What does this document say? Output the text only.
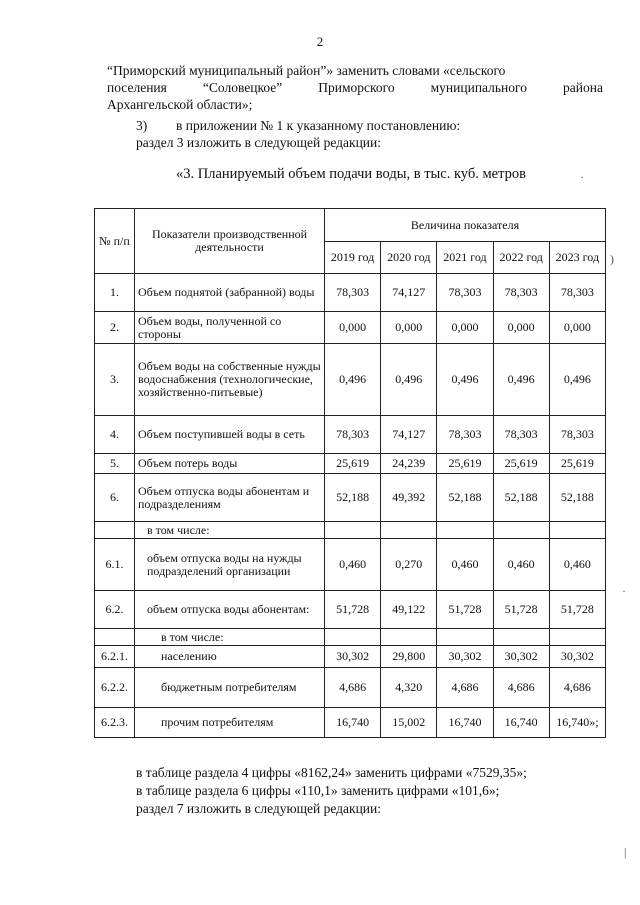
2
“Приморский муниципальный район”» заменить словами «сельского
поселения	“Соловецкое”	Приморского	муниципального	района
Архангельской области»;
3) в приложении № 1 к указанному постановлению:
раздел 3 изложить в следующей редакции:
«3. Планируемый объем подачи воды, в тыс. куб. метров
№ п/п	Показатели производственной деятельности	Величина показателя				
		2019 год	2020 год	2021 год	2022 год	2023 год
1.	Объем поднятой (забранной) воды	78,303	74,127	78,303	78,303	78,303
2.	Объем воды, полученной со стороны	0,000	0,000	0,000	0,000	0,000
3.	Объем воды на собственные нужды водоснабжения (технологические, хозяйственно-питьевые)	0,496	0,496	0,496	0,496	0,496
4.	Объем поступившей воды в сеть	78,303	74,127	78,303	78,303	78,303
5.	Объем потерь воды	25,619	24,239	25,619	25,619	25,619
6.	Объем отпуска воды абонентам и подразделениям	52,188	49,392	52,188	52,188	52,188
	в том числе:					
6.1.	объем отпуска воды на нужды подразделений организации	0,460	0,270	0,460	0,460	0,460
6.2.	объем отпуска воды абонентам:	51,728	49,122	51,728	51,728	51,728
	в том числе:					
6.2.1.	населению	30,302	29,800	30,302	30,302	30,302
6.2.2.	бюджетным потребителям	4,686	4,320	4,686	4,686	4,686
6.2.3.	прочим потребителям	16,740	15,002	16,740	16,740	16,740»;
в таблице раздела 4 цифры «8162,24» заменить цифрами «7529,35»;
в таблице раздела 6 цифры «110,1» заменить цифрами «101,6»;
раздел 7 изложить в следующей редакции:
·
)
·
|
